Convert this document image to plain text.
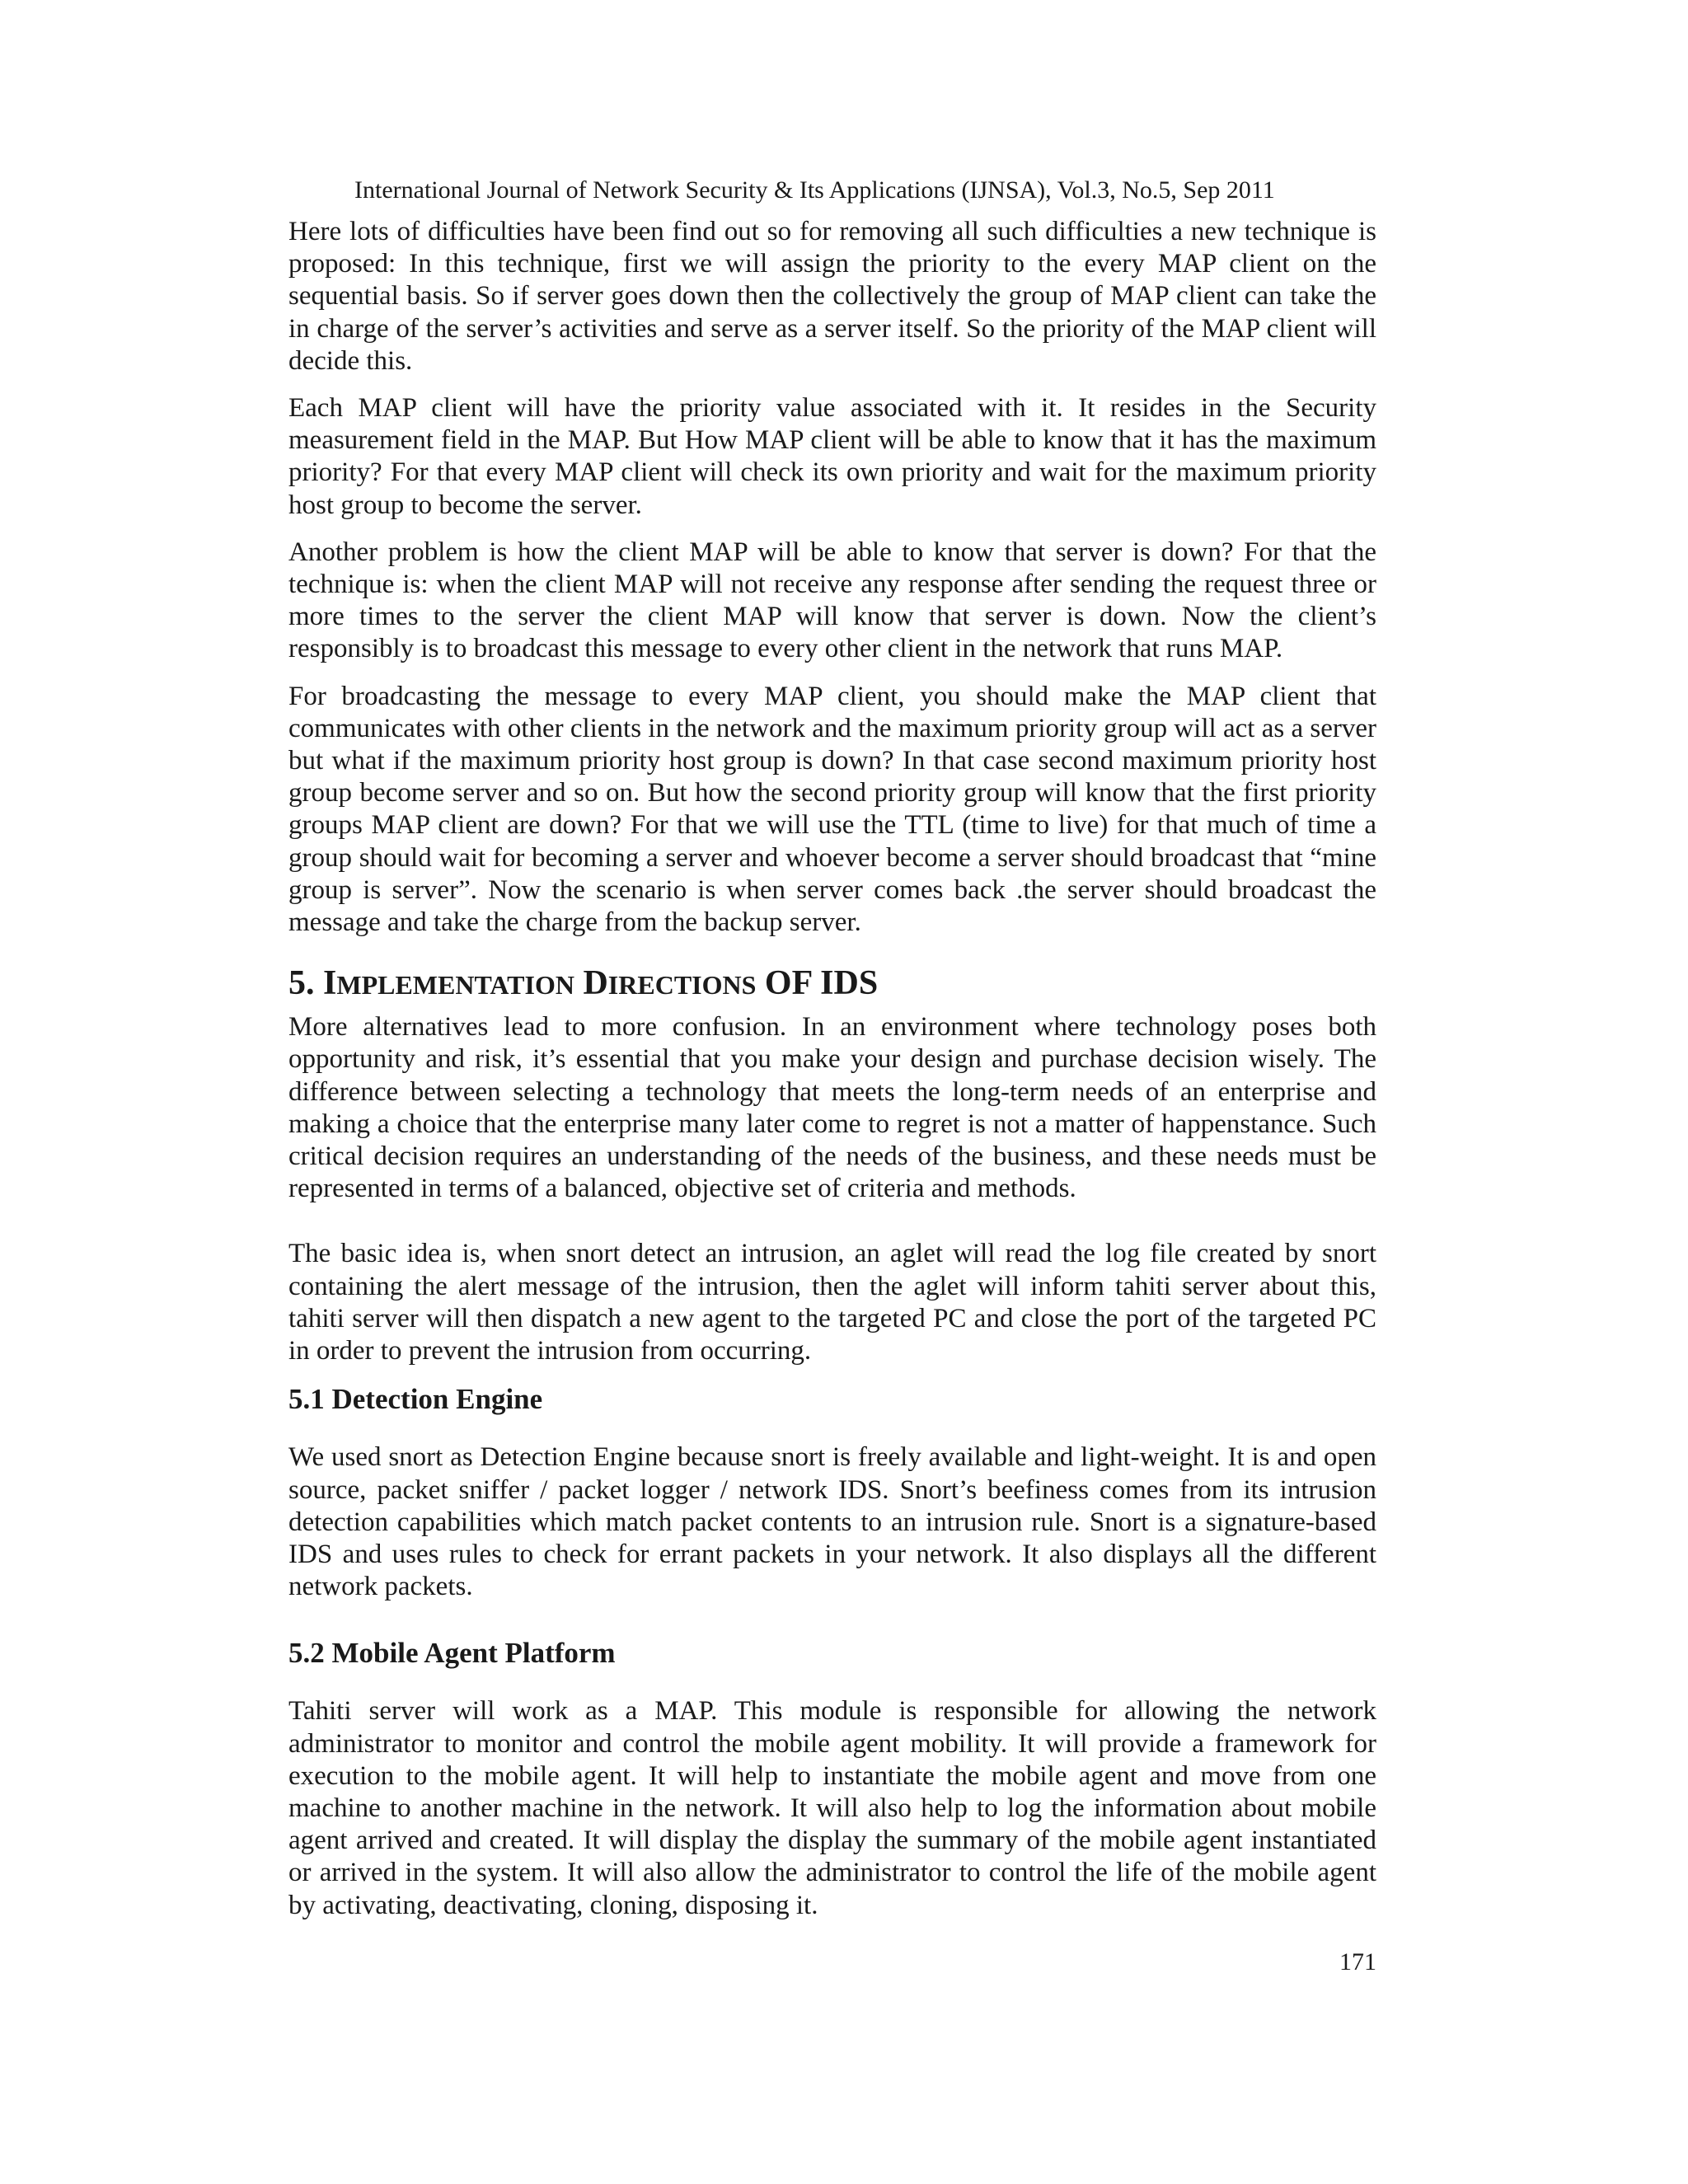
International Journal of Network Security & Its Applications (IJNSA), Vol.3, No.5, Sep 2011

Here lots of difficulties have been find out so for removing all such difficulties a new technique is proposed: In this technique, first we will assign the priority to the every MAP client on the sequential basis. So if server goes down then the collectively the group of MAP client can take the in charge of the server’s activities and serve as a server itself. So the priority of the MAP client will decide this.

Each MAP client will have the priority value associated with it. It resides in the Security measurement field in the MAP. But How MAP client will be able to know that it has the maximum priority? For that every MAP client will check its own priority and wait for the maximum priority host group to become the server.

Another problem is how the client MAP will be able to know that server is down? For that the technique is: when the client MAP will not receive any response after sending the request three or more times to the server the client MAP will know that server is down. Now the client’s responsibly is to broadcast this message to every other client in the network that runs MAP.

For broadcasting the message to every MAP client, you should make the MAP client that communicates with other clients in the network and the maximum priority group will act as a server but what if the maximum priority host group is down? In that case second maximum priority host group become server and so on. But how the second priority group will know that the first priority groups MAP client are down? For that we will use the TTL (time to live) for that much of time a group should wait for becoming a server and whoever become a server should broadcast that “mine group is server”. Now the scenario is when server comes back .the server should broadcast the message and take the charge from the backup server.

5. IMPLEMENTATION DIRECTIONS OF IDS

More alternatives lead to more confusion. In an environment where technology poses both opportunity and risk, it’s essential that you make your design and purchase decision wisely. The difference between selecting a technology that meets the long-term needs of an enterprise and making a choice that the enterprise many later come to regret is not a matter of happenstance. Such critical decision requires an understanding of the needs of the business, and these needs must be represented in terms of a balanced, objective set of criteria and methods.

The basic idea is, when snort detect an intrusion, an aglet will read the log file created by snort containing the alert message of the intrusion, then the aglet will inform tahiti server about this, tahiti server will then dispatch a new agent to the targeted PC and close the port of the targeted PC in order to prevent the intrusion from occurring.

5.1 Detection Engine

We used snort as Detection Engine because snort is freely available and light-weight. It is and open source, packet sniffer / packet logger / network IDS. Snort’s beefiness comes from its intrusion detection capabilities which match packet contents to an intrusion rule. Snort is a signature-based IDS and uses rules to check for errant packets in your network. It also displays all the different network packets.

5.2 Mobile Agent Platform

Tahiti server will work as a MAP. This module is responsible for allowing the network administrator to monitor and control the mobile agent mobility. It will provide a framework for execution to the mobile agent. It will help to instantiate the mobile agent and move from one machine to another machine in the network. It will also help to log the information about mobile agent arrived and created. It will display the display the summary of the mobile agent instantiated or arrived in the system. It will also allow the administrator to control the life of the mobile agent by activating, deactivating, cloning, disposing it.

171
